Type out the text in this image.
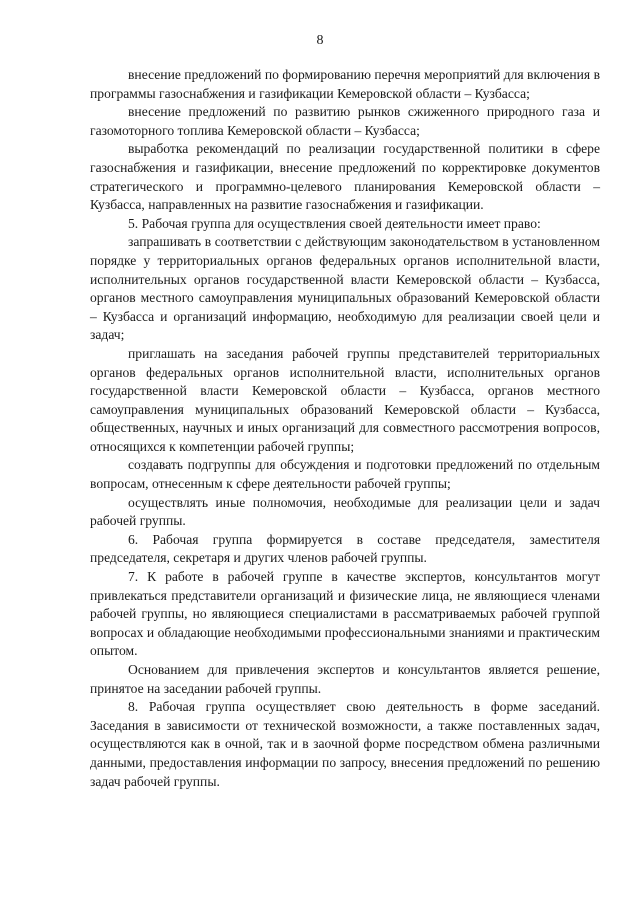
8

внесение предложений по формированию перечня мероприятий для включения в программы газоснабжения и газификации Кемеровской области – Кузбасса;

внесение предложений по развитию рынков сжиженного природного газа и газомоторного топлива Кемеровской области – Кузбасса;

выработка рекомендаций по реализации государственной политики в сфере газоснабжения и газификации, внесение предложений по корректировке документов стратегического и программно-целевого планирования Кемеровской области – Кузбасса, направленных на развитие газоснабжения и газификации.

5. Рабочая группа для осуществления своей деятельности имеет право:

запрашивать в соответствии с действующим законодательством в установленном порядке у территориальных органов федеральных органов исполнительной власти, исполнительных органов государственной власти Кемеровской области – Кузбасса, органов местного самоуправления муниципальных образований Кемеровской области – Кузбасса и организаций информацию, необходимую для реализации своей цели и задач;

приглашать на заседания рабочей группы представителей территориальных органов федеральных органов исполнительной власти, исполнительных органов государственной власти Кемеровской области – Кузбасса, органов местного самоуправления муниципальных образований Кемеровской области – Кузбасса, общественных, научных и иных организаций для совместного рассмотрения вопросов, относящихся к компетенции рабочей группы;

создавать подгруппы для обсуждения и подготовки предложений по отдельным вопросам, отнесенным к сфере деятельности рабочей группы;

осуществлять иные полномочия, необходимые для реализации цели и задач рабочей группы.

6. Рабочая группа формируется в составе председателя, заместителя председателя, секретаря и других членов рабочей группы.

7. К работе в рабочей группе в качестве экспертов, консультантов могут привлекаться представители организаций и физические лица, не являющиеся членами рабочей группы, но являющиеся специалистами в рассматриваемых рабочей группой вопросах и обладающие необходимыми профессиональными знаниями и практическим опытом.

Основанием для привлечения экспертов и консультантов является решение, принятое на заседании рабочей группы.

8. Рабочая группа осуществляет свою деятельность в форме заседаний. Заседания в зависимости от технической возможности, а также поставленных задач, осуществляются как в очной, так и в заочной форме посредством обмена различными данными, предоставления информации по запросу, внесения предложений по решению задач рабочей группы.
